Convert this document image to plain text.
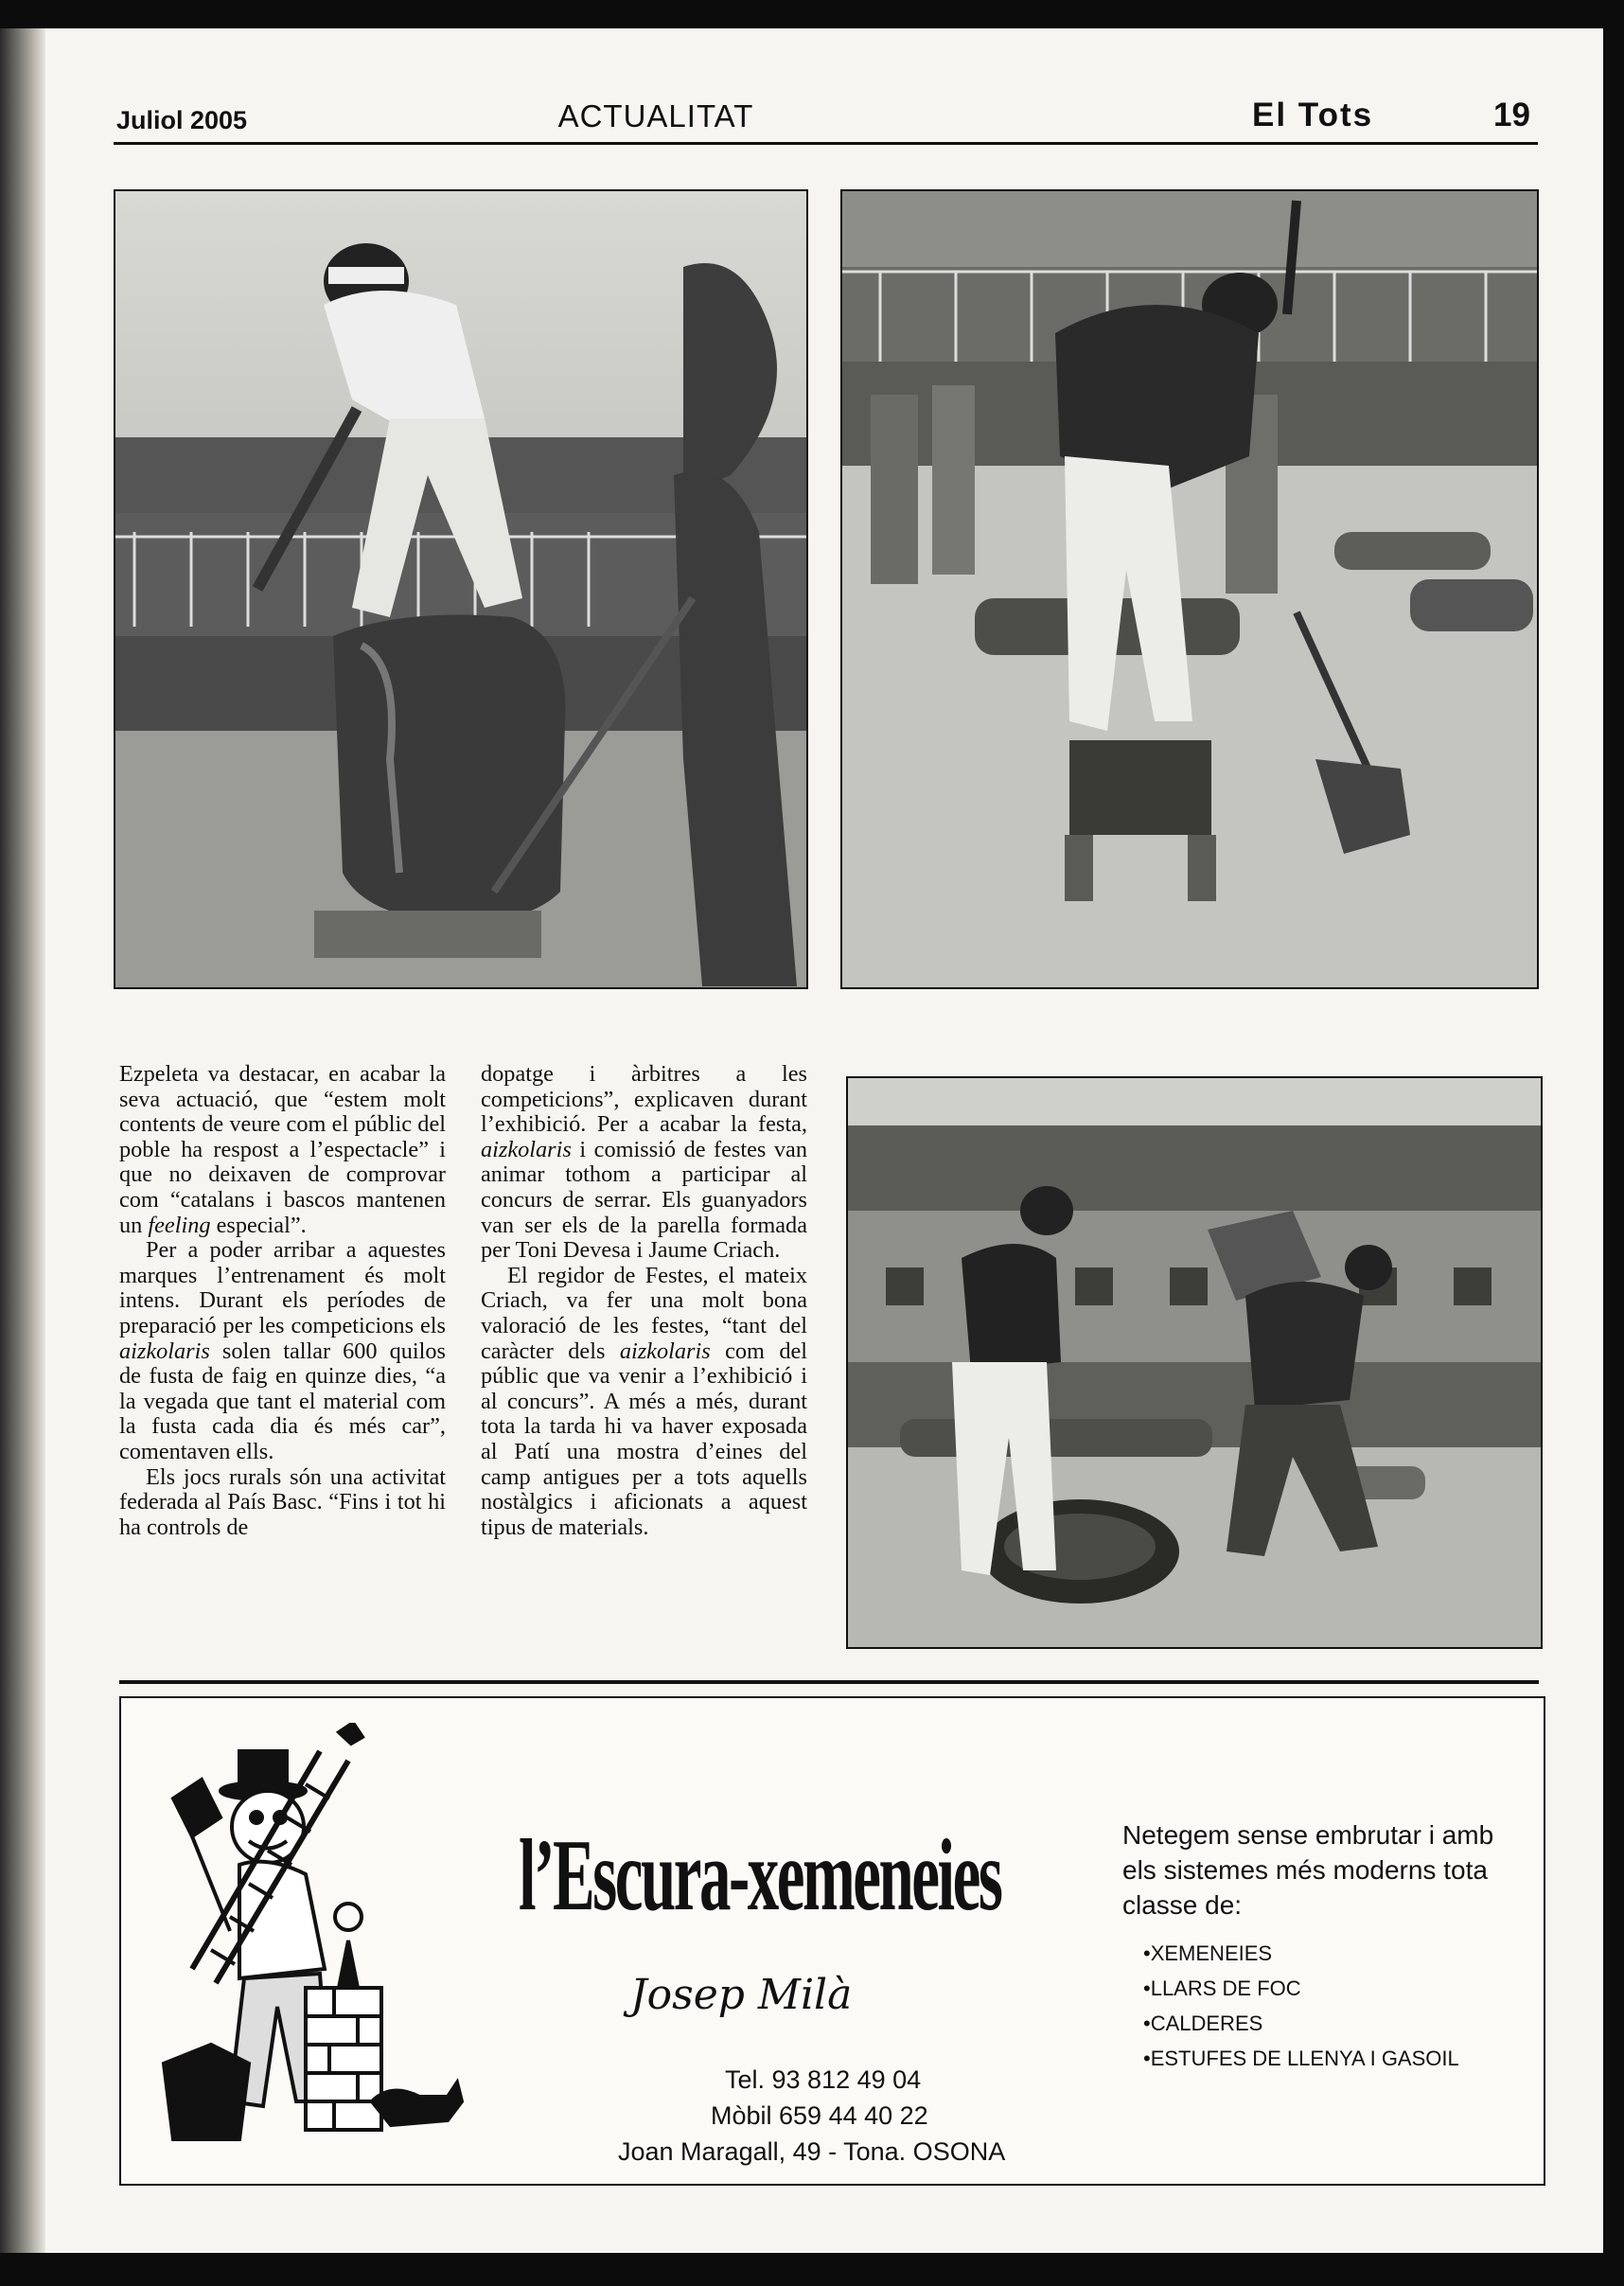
Juliol 2005	ACTUALITAT	El Tots	19

Ezpeleta va destacar, en acabar la seva actuació, que “estem molt contents de veure com el públic del poble ha respost a l’espectacle” i que no deixaven de comprovar com “catalans i bascos mantenen un feeling especial”.

Per a poder arribar a aquestes marques l’entrenament és molt intens. Durant els períodes de preparació per les competicions els aizkolaris solen tallar 600 quilos de fusta de faig en quinze dies, “a la vegada que tant el material com la fusta cada dia és més car”, comentaven ells.

Els jocs rurals són una activitat federada al País Basc. “Fins i tot hi ha controls de

dopatge i àrbitres a les competicions”, explicaven durant l’exhibició. Per a acabar la festa, aizkolaris i comissió de festes van animar tothom a participar al concurs de serrar. Els guanyadors van ser els de la parella formada per Toni Devesa i Jaume Criach.

El regidor de Festes, el mateix Criach, va fer una molt bona valoració de les festes, “tant del caràcter dels aizkolaris com del públic que va venir a l’exhibició i al concurs”. A més a més, durant tota la tarda hi va haver exposada al Patí una mostra d’eines del camp antigues per a tots aquells nostàlgics i aficionats a aquest tipus de materials.

l’Escura-xemeneies
Josep Milà
Tel. 93 812 49 04
Mòbil 659 44 40 22
Joan Maragall, 49 - Tona. OSONA
Netegem sense embrutar i amb els sistemes més moderns tota classe de:
• XEMENEIES
• LLARS DE FOC
• CALDERES
• ESTUFES DE LLENYA I GASOIL
